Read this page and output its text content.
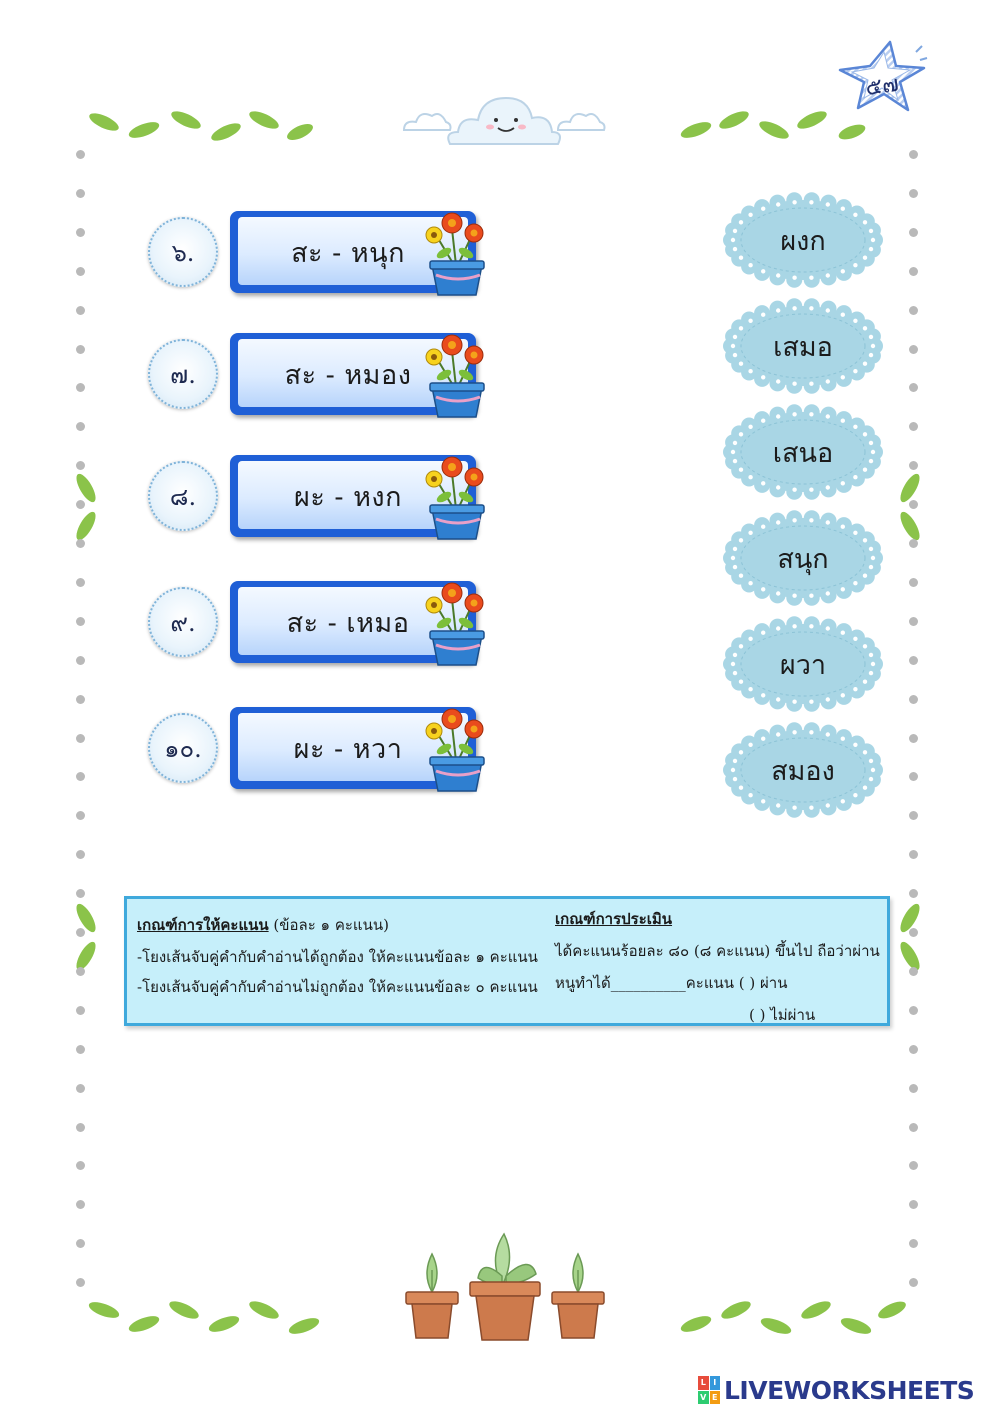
๕๗
๖.	สะ - หนุก
๗.	สะ - หมอง
๘.	ผะ - หงก
๙.	สะ - เหมอ
๑๐.	ผะ - หวา
ผงก
เสมอ
เสนอ
สนุก
ผวา
สมอง
เกณฑ์การให้คะแนน (ข้อละ ๑ คะแนน)
-โยงเส้นจับคู่คำกับคำอ่านได้ถูกต้อง ให้คะแนนข้อละ ๑ คะแนน
-โยงเส้นจับคู่คำกับคำอ่านไม่ถูกต้อง ให้คะแนนข้อละ ๐ คะแนน
เกณฑ์การประเมิน
ได้คะแนนร้อยละ ๘๐ (๘ คะแนน) ขึ้นไป ถือว่าผ่าน
หนูทำได้__________คะแนน ( ) ผ่าน
( ) ไม่ผ่าน
L I
V E LIVEWORKSHEETS
